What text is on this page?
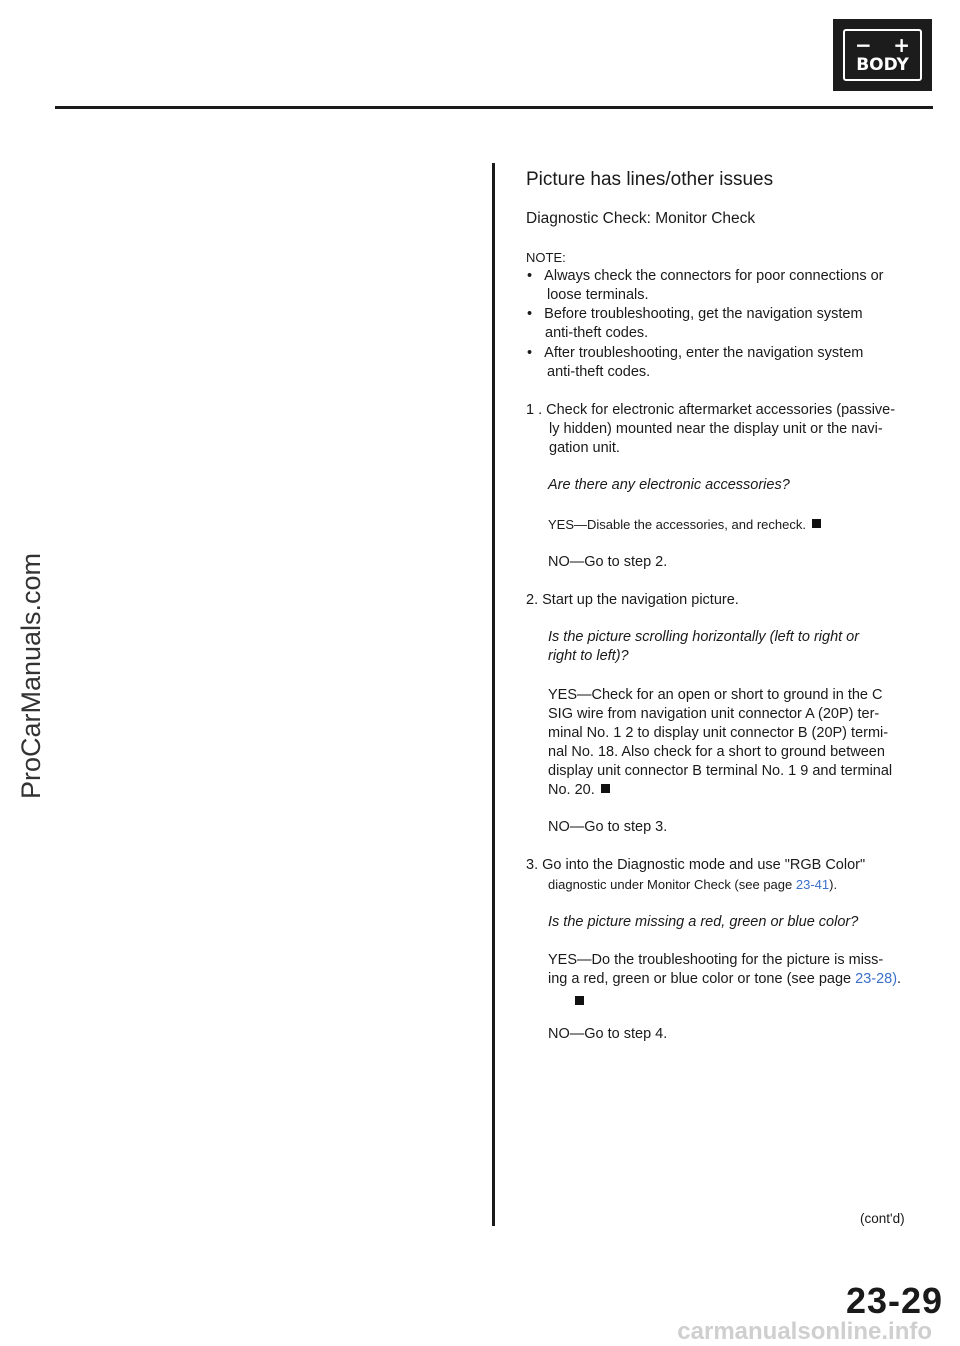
− +
BODY
ProCarManuals.com
Picture has lines/other issues
Diagnostic Check: Monitor Check
NOTE:
•   Always check the connectors for poor connections or
loose terminals.
•   Before troubleshooting, get the navigation system
anti-theft codes.
•   After troubleshooting, enter the navigation system
anti-theft codes.
1 . Check for electronic aftermarket accessories (passive-
ly hidden) mounted near the display unit or the navi-
gation unit.
Are there any electronic accessories?
YES—Disable the accessories, and recheck.
NO—Go to step 2.
2. Start up the navigation picture.
Is the picture scrolling horizontally (left to right or
right to left)?
YES—Check for an open or short to ground in the C
SIG wire from navigation unit connector A (20P) ter-
minal No. 1 2 to display unit connector B (20P) termi-
nal No. 18. Also check for a short to ground between
display unit connector B terminal No. 1 9 and terminal
No. 20.
NO—Go to step 3.
3. Go into the Diagnostic mode and use "RGB Color"
diagnostic under Monitor Check (see page 23-41).
Is the picture missing a red, green or blue color?
YES—Do the troubleshooting for the picture is miss-
ing a red, green or blue color or tone (see page 23-28).
NO—Go to step 4.
(cont'd)
23-29
carmanualsonline.info
